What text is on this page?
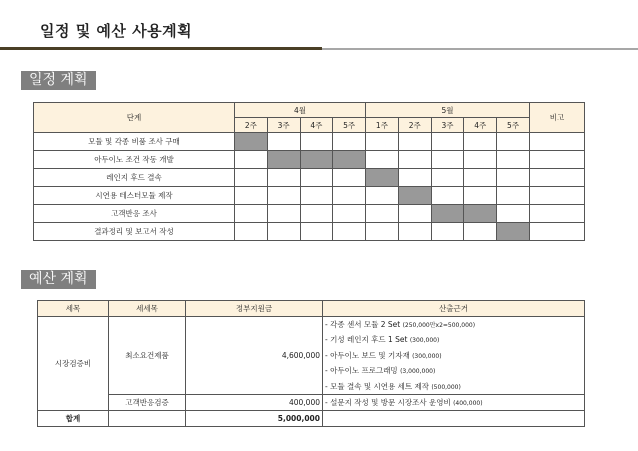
일정 및 예산 사용계획
일정 계획
단계	4월				5월					비고
	2주	3주	4주	5주	1주	2주	3주	4주	5주	
모듈 및 각종 비품 조사 구매										
아두이노 조건 작동 개발										
레인지 후드 결속										
시연용 테스터모듈 제작										
고객반응 조사										
결과정리 및 보고서 작성										
예산 계획
세목	세세목	정부지원금	산출근거
시장검증비	최소요건제품	4,600,000	- 각종 센서 모듈 2 Set (250,000만x2=500,000)
- 기성 레인지 후드 1 Set (300,000)
- 아두이노 보드 및 기자재 (300,000)
- 아두이노 프로그래밍 (3,000,000)
- 모듈 결속 및 시연용 세트 제작 (500,000)

	고객반응검증	400,000	- 설문지 작성 및 방문 시장조사 운영비 (400,000)

합계		5,000,000	
